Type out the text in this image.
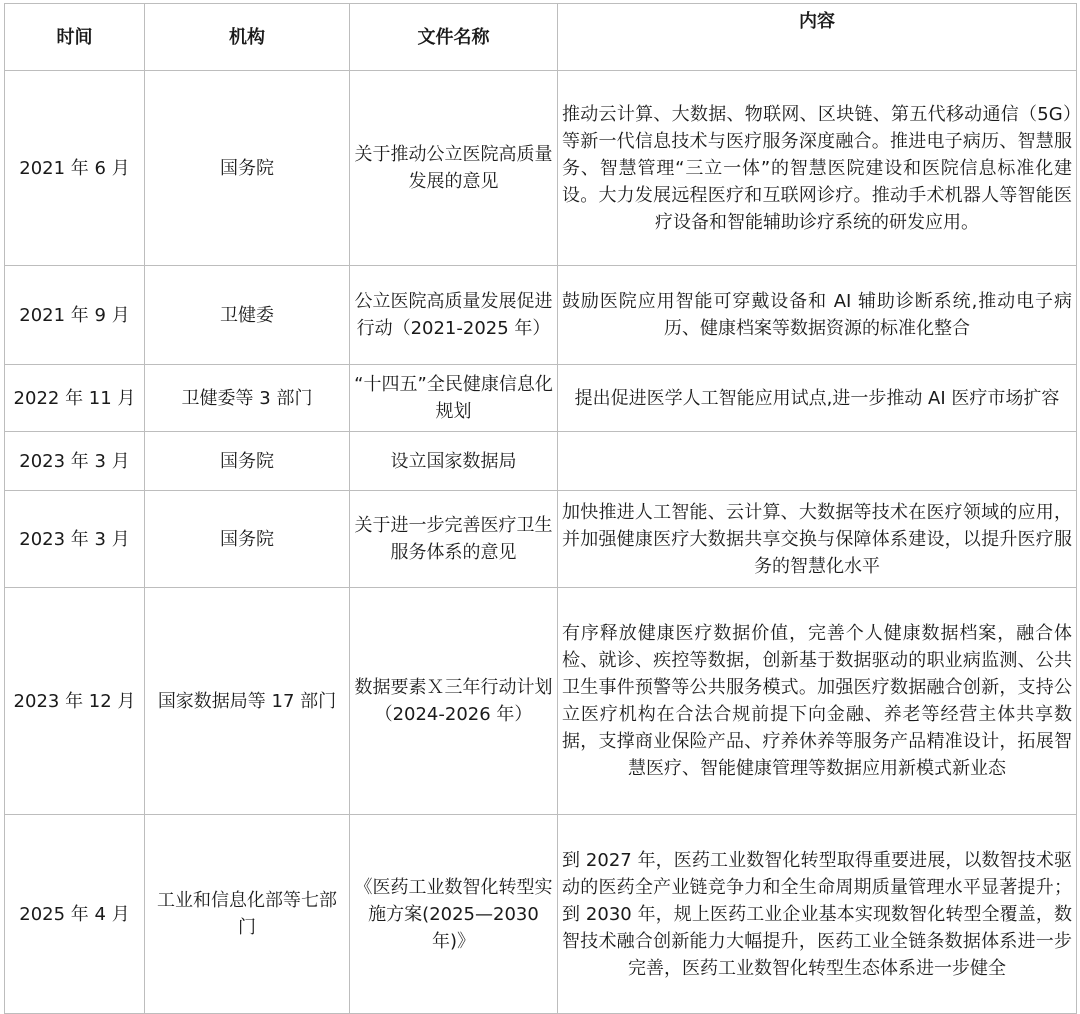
时间	机构	文件名称	内容
2021 年 6 月	国务院	关于推动公立医院高质量发展的意见	推动云计算、大数据、物联网、区块链、第五代移动通信（5G）等新一代信息技术与医疗服务深度融合。推进电子病历、智慧服务、智慧管理“三立一体”的智慧医院建设和医院信息标准化建设。大力发展远程医疗和互联网诊疗。推动手术机器人等智能医疗设备和智能辅助诊疗系统的研发应用。
2021 年 9 月	卫健委	公立医院高质量发展促进行动（2021-2025 年）	鼓励医院应用智能可穿戴设备和 AI 辅助诊断系统,推动电子病历、健康档案等数据资源的标准化整合
2022 年 11 月	卫健委等 3 部门	“十四五”全民健康信息化规划	提出促进医学人工智能应用试点,进一步推动 AI 医疗市场扩容
2023 年 3 月	国务院	设立国家数据局	
2023 年 3 月	国务院	关于进一步完善医疗卫生服务体系的意见	加快推进人工智能、云计算、大数据等技术在医疗领域的应用，并加强健康医疗大数据共享交换与保障体系建设，以提升医疗服务的智慧化水平
2023 年 12 月	国家数据局等 17 部门	数据要素Ｘ三年行动计划（2024-2026 年）	有序释放健康医疗数据价值，完善个人健康数据档案，融合体检、就诊、疾控等数据，创新基于数据驱动的职业病监测、公共卫生事件预警等公共服务模式。加强医疗数据融合创新，支持公立医疗机构在合法合规前提下向金融、养老等经营主体共享数据，支撑商业保险产品、疗养休养等服务产品精准设计，拓展智慧医疗、智能健康管理等数据应用新模式新业态
2025 年 4 月	工业和信息化部等七部门	《医药工业数智化转型实施方案(2025—2030 年)》	到 2027 年，医药工业数智化转型取得重要进展，以数智技术驱动的医药全产业链竞争力和全生命周期质量管理水平显著提升；到 2030 年，规上医药工业企业基本实现数智化转型全覆盖，数智技术融合创新能力大幅提升，医药工业全链条数据体系进一步完善，医药工业数智化转型生态体系进一步健全
